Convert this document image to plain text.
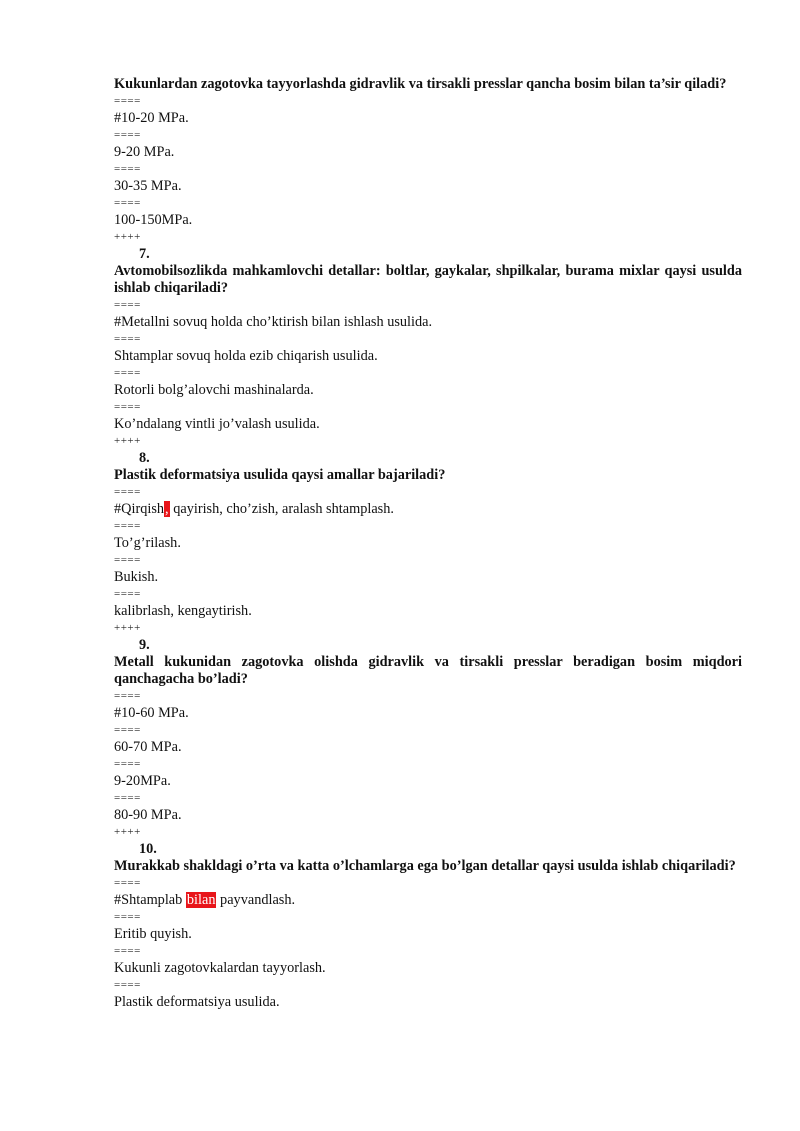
Kukunlardan zagotovka tayyorlashda gidravlik va tirsakli presslar qancha bosim bilan ta’sir qiladi?

====
#10-20 MPa.
====
9-20 MPa.
====
30-35 MPa.
====
100-150MPa.
++++
7.

Avtomobilsozlikda mahkamlovchi detallar: boltlar, gaykalar, shpilkalar, burama mixlar qaysi usulda ishlab chiqariladi?

====
#Metallni sovuq holda cho’ktirish bilan ishlash usulida.
====
Shtamplar sovuq holda ezib chiqarish usulida.
====
Rotorli bolg’alovchi mashinalarda.
====
Ko’ndalang vintli jo’valash usulida.
++++
8.

Plastik deformatsiya usulida qaysi amallar bajariladi?

====
#Qirqish, qayirish, cho’zish, aralash shtamplash.
====
To’g’rilash.
====
Bukish.
====
kalibrlash, kengaytirish.
++++
9.

Metall kukunidan zagotovka olishda gidravlik va tirsakli presslar beradigan bosim miqdori qanchagacha bo’ladi?

====
#10-60 MPa.
====
60-70 MPa.
====
9-20MPa.
====
80-90 MPa.
++++
10.

Murakkab shakldagi o’rta va katta o’lchamlarga ega bo’lgan detallar qaysi usulda ishlab chiqariladi?

====
#Shtamplab bilan payvandlash.
====
Eritib quyish.
====
Kukunli zagotovkalardan tayyorlash.
====
Plastik deformatsiya usulida.
